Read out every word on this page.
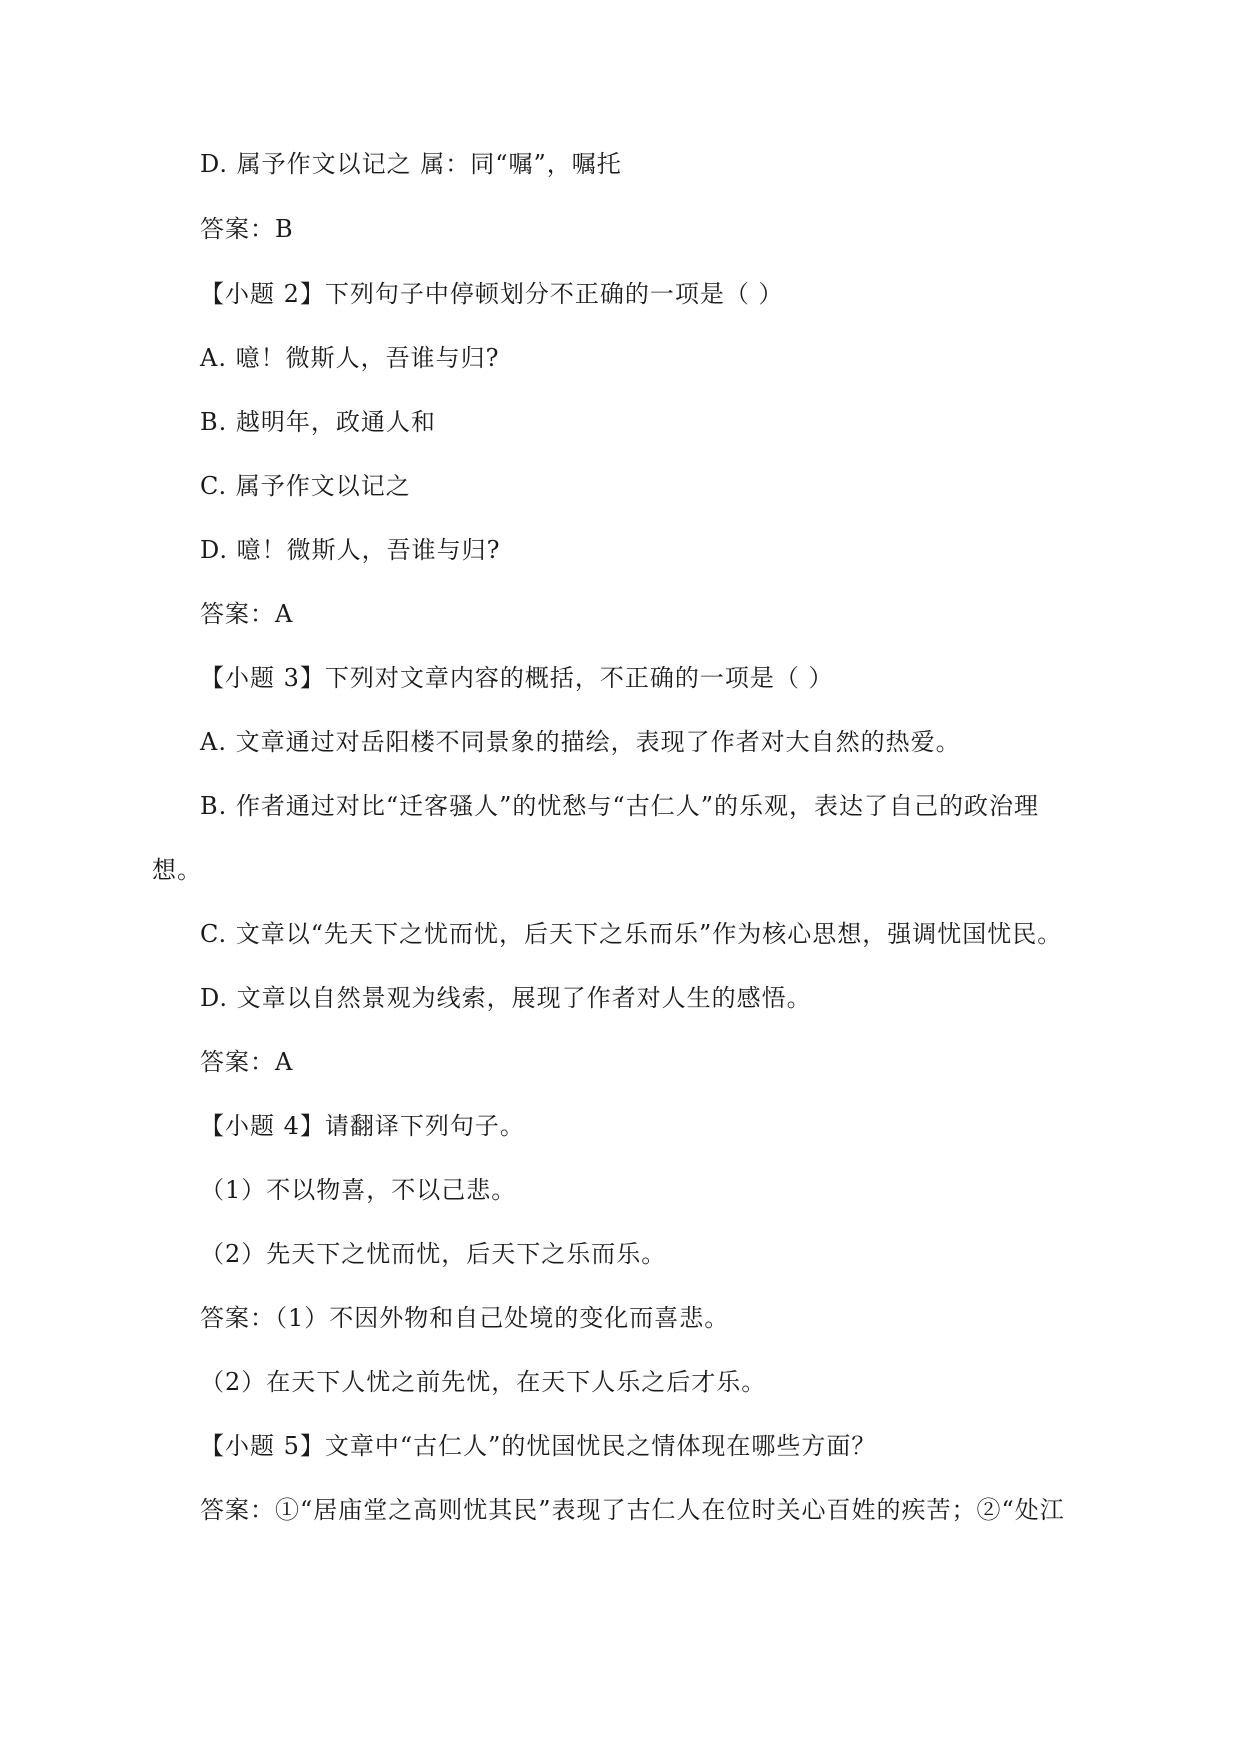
D. 属予作文以记之 属：同“嘱”，嘱托
答案：B
【小题 2】下列句子中停顿划分不正确的一项是（ ）
A. 噫！微斯人，吾谁与归?
B. 越明年，政通人和
C. 属予作文以记之
D. 噫！微斯人，吾谁与归?
答案：A
【小题 3】下列对文章内容的概括，不正确的一项是（ ）
A. 文章通过对岳阳楼不同景象的描绘，表现了作者对大自然的热爱。
B. 作者通过对比“迁客骚人”的忧愁与“古仁人”的乐观，表达了自己的政治理
想。
C. 文章以“先天下之忧而忧，后天下之乐而乐”作为核心思想，强调忧国忧民。
D. 文章以自然景观为线索，展现了作者对人生的感悟。
答案：A
【小题 4】请翻译下列句子。
（1）不以物喜，不以己悲。
（2）先天下之忧而忧，后天下之乐而乐。
答案：（1）不因外物和自己处境的变化而喜悲。
（2）在天下人忧之前先忧，在天下人乐之后才乐。
【小题 5】文章中“古仁人”的忧国忧民之情体现在哪些方面？
答案：①“居庙堂之高则忧其民”表现了古仁人在位时关心百姓的疾苦；②“处江
